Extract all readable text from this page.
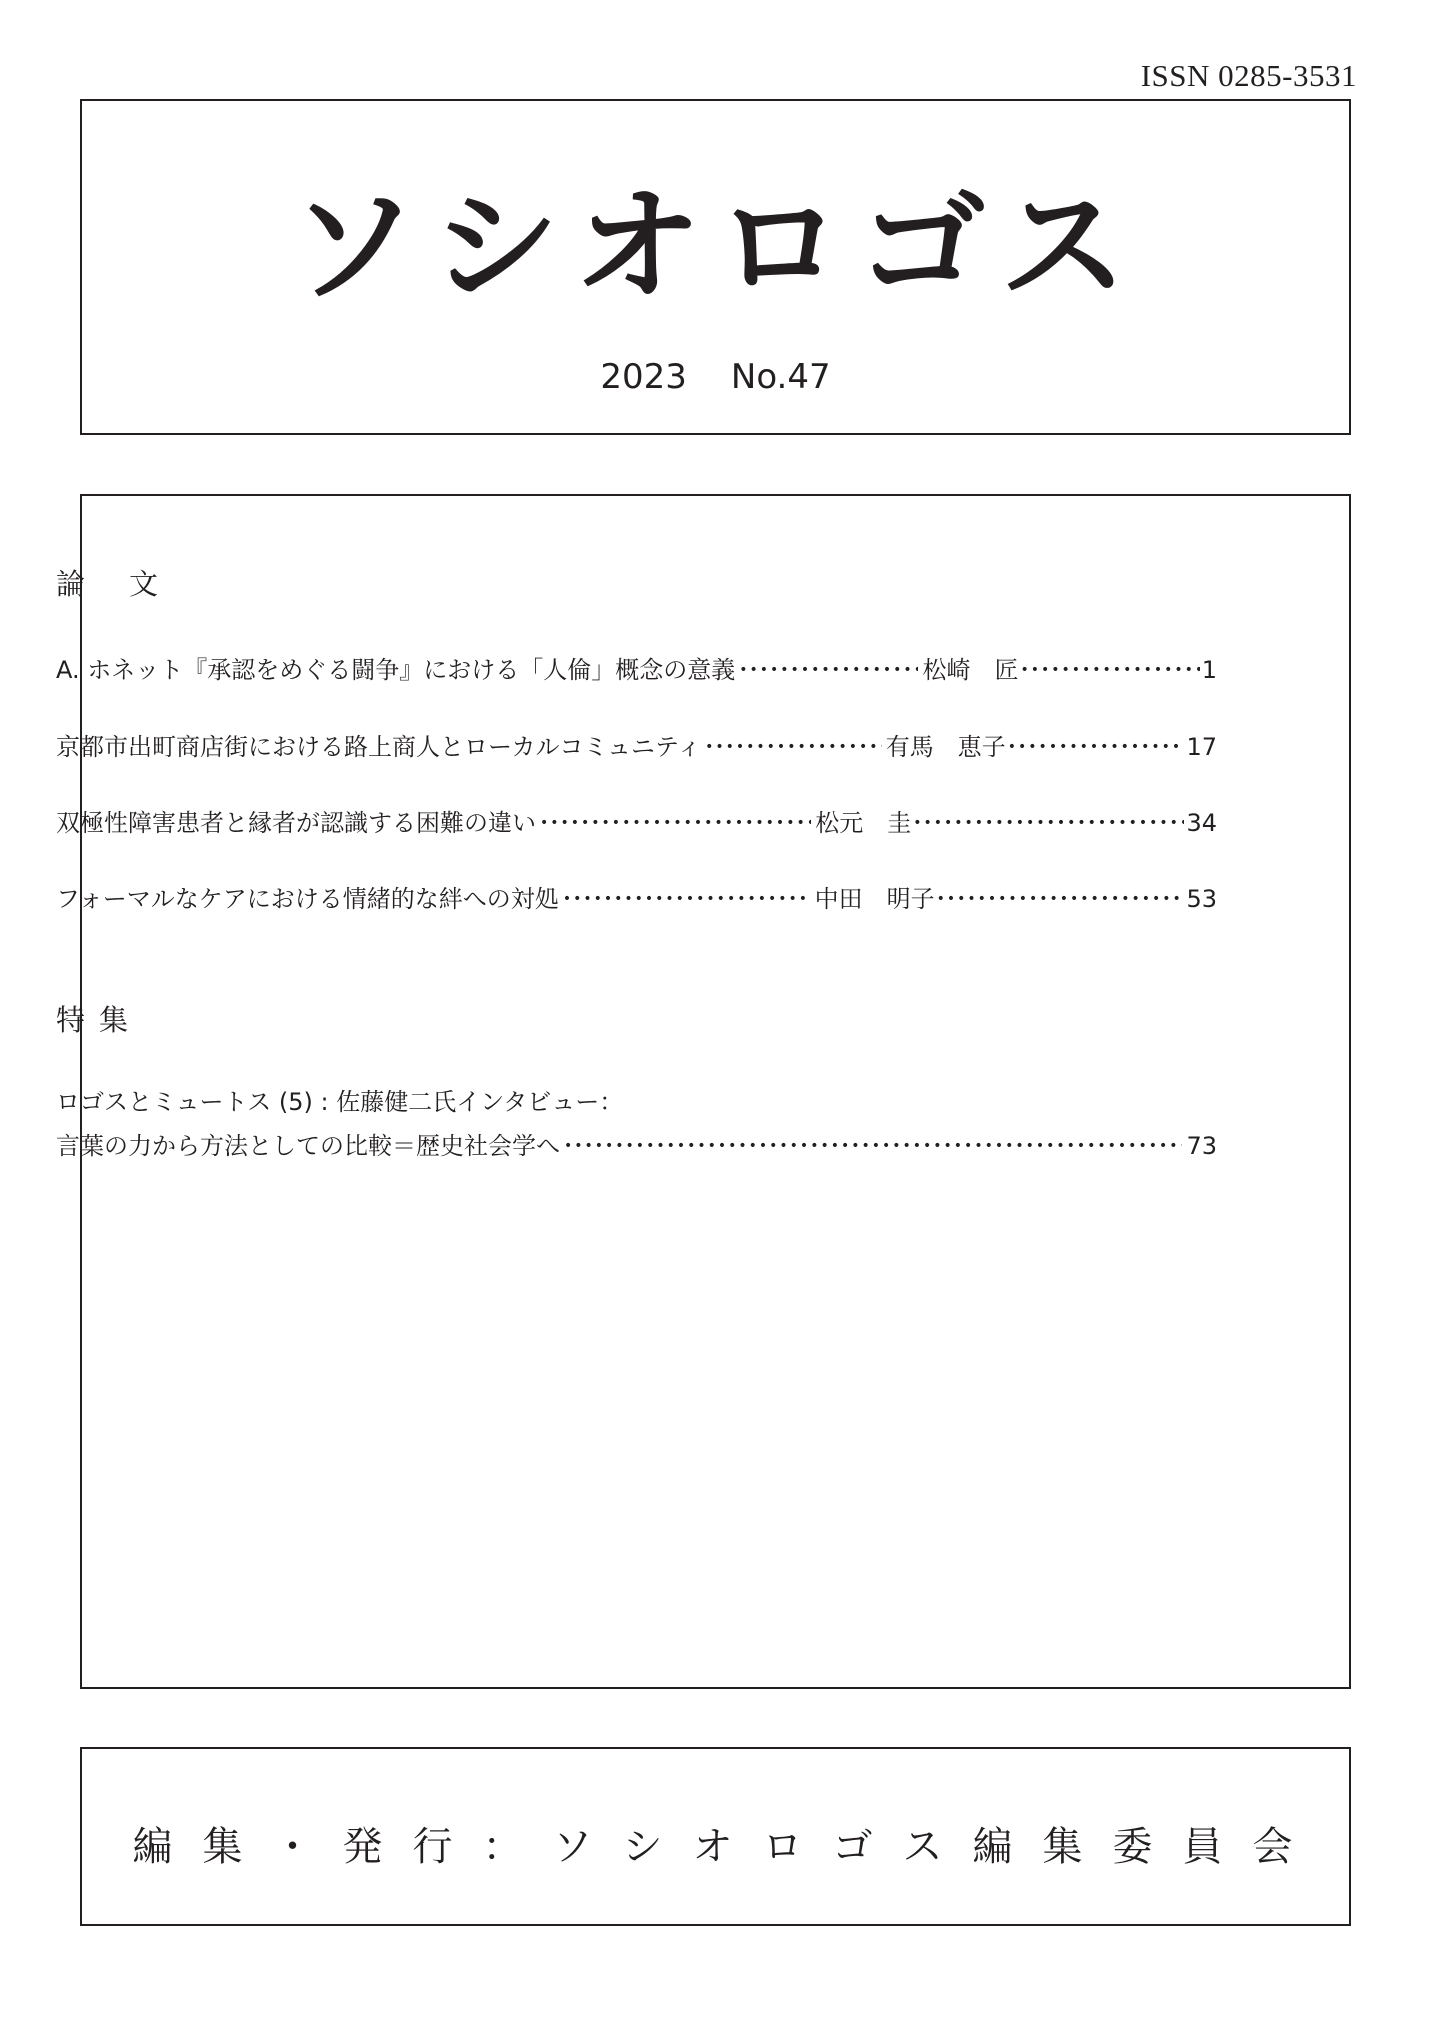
ISSN 0285-3531
ソシオロゴス
2023 No.47
論文
A. ホネット『承認をめぐる闘争』における「人倫」概念の意義 •••••	松崎　匠 •••••	1
京都市出町商店街における路上商人とローカルコミュニティ •••••	有馬　恵子 •••••	17
双極性障害患者と縁者が認識する困難の違い •••••	松元　圭 •••••	34
フォーマルなケアにおける情緒的な絆への対処 •••••	中田　明子 •••••	53
特集
ロゴスとミュートス (5) : 佐藤健二氏インタビュー：
言葉の力から方法としての比較＝歴史社会学へ •••••	73
編集・発行：ソシオロゴス編集委員会
